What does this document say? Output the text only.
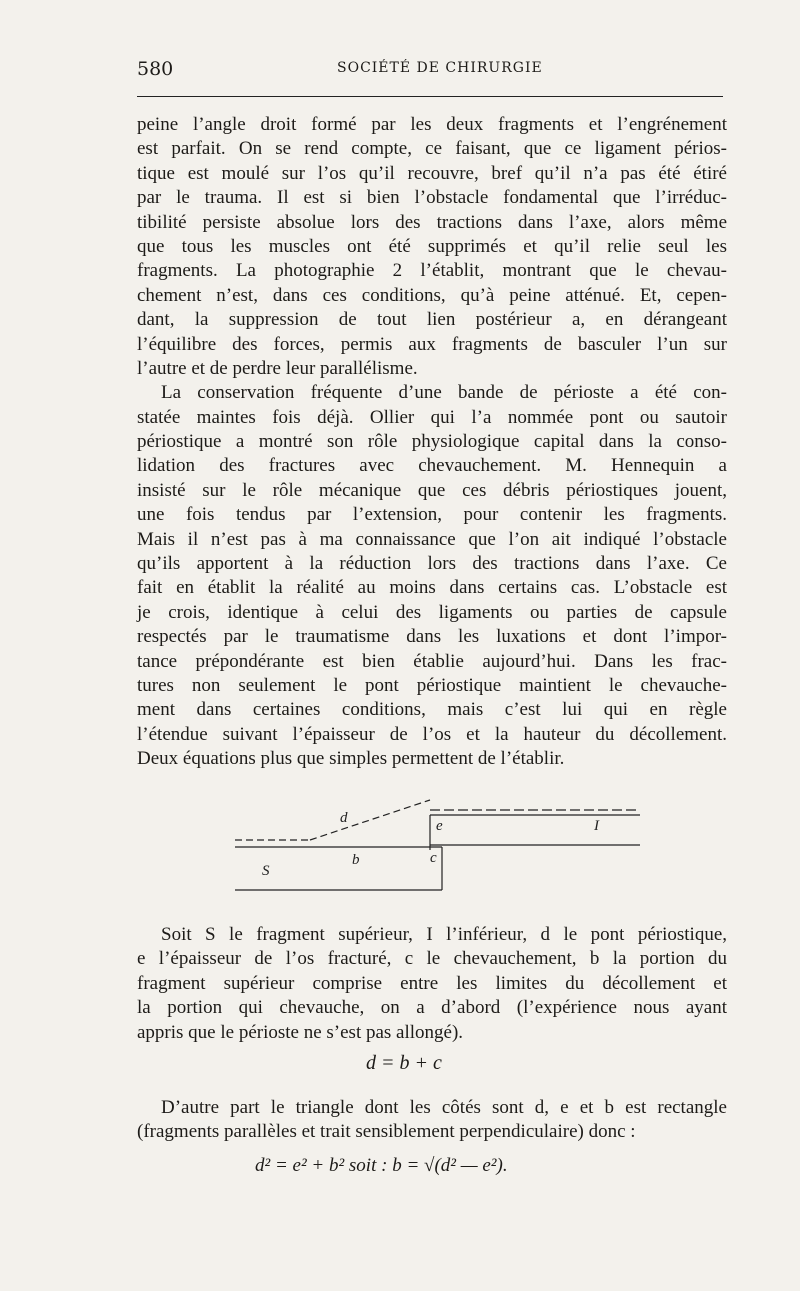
580	SOCIÉTÉ DE CHIRURGIE
peine l’angle droit formé par les deux fragments et l’engrénement
est parfait. On se rend compte, ce faisant, que ce ligament périos-
tique est moulé sur l’os qu’il recouvre, bref qu’il n’a pas été étiré
par le trauma. Il est si bien l’obstacle fondamental que l’irréduc-
tibilité persiste absolue lors des tractions dans l’axe, alors même
que tous les muscles ont été supprimés et qu’il relie seul les
fragments. La photographie 2 l’établit, montrant que le chevau-
chement n’est, dans ces conditions, qu’à peine atténué. Et, cepen-
dant, la suppression de tout lien postérieur a, en dérangeant
l’équilibre des forces, permis aux fragments de basculer l’un sur
l’autre et de perdre leur parallélisme.
La conservation fréquente d’une bande de périoste a été con-
statée maintes fois déjà. Ollier qui l’a nommée pont ou sautoir
périostique a montré son rôle physiologique capital dans la conso-
lidation des fractures avec chevauchement. M. Hennequin a
insisté sur le rôle mécanique que ces débris périostiques jouent,
une fois tendus par l’extension, pour contenir les fragments.
Mais il n’est pas à ma connaissance que l’on ait indiqué l’obstacle
qu’ils apportent à la réduction lors des tractions dans l’axe. Ce
fait en établit la réalité au moins dans certains cas. L’obstacle est
je crois, identique à celui des ligaments ou parties de capsule
respectés par le traumatisme dans les luxations et dont l’impor-
tance prépondérante est bien établie aujourd’hui. Dans les frac-
tures non seulement le pont périostique maintient le chevauche-
ment dans certaines conditions, mais c’est lui qui en règle
l’étendue suivant l’épaisseur de l’os et la hauteur du décollement.
Deux équations plus que simples permettent de l’établir.
d	e	I
S
b	c
Soit S le fragment supérieur, I l’inférieur, d le pont périostique,
e l’épaisseur de l’os fracturé, c le chevauchement, b la portion du
fragment supérieur comprise entre les limites du décollement et
la portion qui chevauche, on a d’abord (l’expérience nous ayant
appris que le périoste ne s’est pas allongé).
d = b + c
D’autre part le triangle dont les côtés sont d, e et b est rectangle
(fragments parallèles et trait sensiblement perpendiculaire) donc :
d² = e² + b² soit : b = √(d² — e²).
